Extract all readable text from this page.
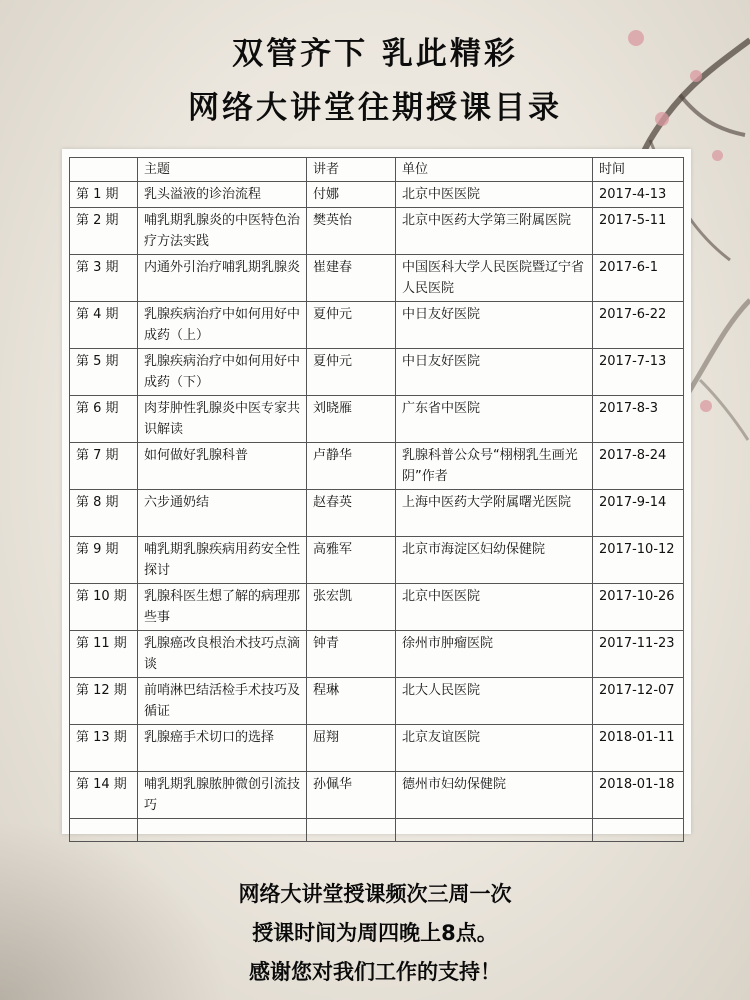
双管齐下 乳此精彩
网络大讲堂往期授课目录
	主题	讲者	单位	时间
第 1 期	乳头溢液的诊治流程	付娜	北京中医医院	2017-4-13
第 2 期	哺乳期乳腺炎的中医特色治疗方法实践	樊英怡	北京中医药大学第三附属医院	2017-5-11
第 3 期	内通外引治疗哺乳期乳腺炎	崔建春	中国医科大学人民医院暨辽宁省人民医院	2017-6-1
第 4 期	乳腺疾病治疗中如何用好中成药（上）	夏仲元	中日友好医院	2017-6-22
第 5 期	乳腺疾病治疗中如何用好中成药（下）	夏仲元	中日友好医院	2017-7-13
第 6 期	肉芽肿性乳腺炎中医专家共识解读	刘晓雁	广东省中医院	2017-8-3
第 7 期	如何做好乳腺科普	卢静华	乳腺科普公众号“栩栩乳生画光阴”作者	2017-8-24
第 8 期	六步通奶结	赵春英	上海中医药大学附属曙光医院	2017-9-14
第 9 期	哺乳期乳腺疾病用药安全性探讨	高雅军	北京市海淀区妇幼保健院	2017-10-12
第 10 期	乳腺科医生想了解的病理那些事	张宏凯	北京中医医院	2017-10-26
第 11 期	乳腺癌改良根治术技巧点滴谈	钟青	徐州市肿瘤医院	2017-11-23
第 12 期	前哨淋巴结活检手术技巧及循证	程琳	北大人民医院	2017-12-07
第 13 期	乳腺癌手术切口的选择	屈翔	北京友谊医院	2018-01-11
第 14 期	哺乳期乳腺脓肿微创引流技巧	孙佩华	德州市妇幼保健院	2018-01-18

网络大讲堂授课频次三周一次
授课时间为周四晚上8点。
感谢您对我们工作的支持！
